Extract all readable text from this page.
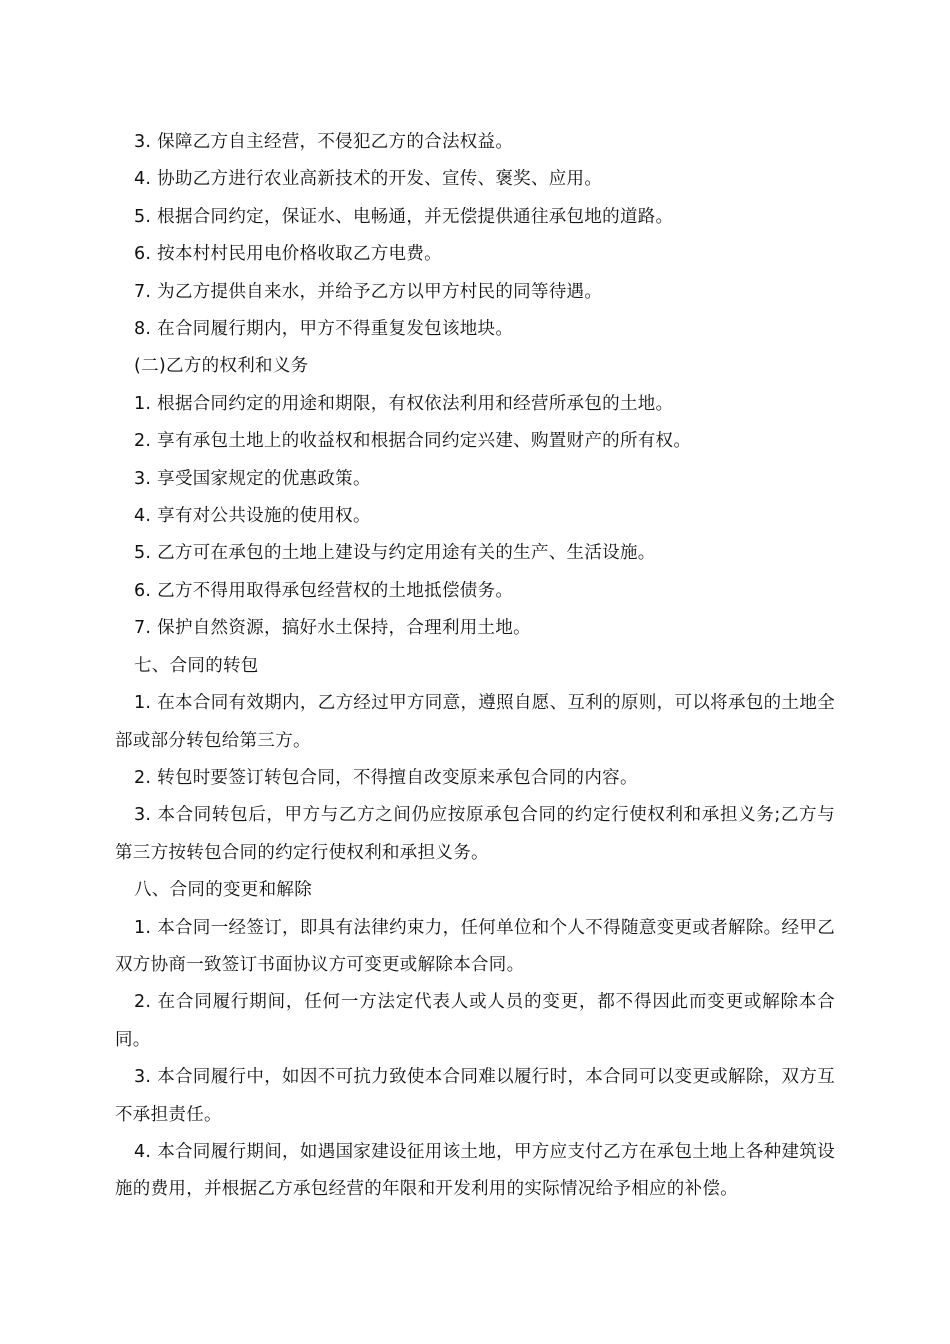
3. 保障乙方自主经营，不侵犯乙方的合法权益。

4. 协助乙方进行农业高新技术的开发、宣传、褒奖、应用。

5. 根据合同约定，保证水、电畅通，并无偿提供通往承包地的道路。

6. 按本村村民用电价格收取乙方电费。

7. 为乙方提供自来水，并给予乙方以甲方村民的同等待遇。

8. 在合同履行期内，甲方不得重复发包该地块。

(二)乙方的权利和义务

1. 根据合同约定的用途和期限，有权依法利用和经营所承包的土地。

2. 享有承包土地上的收益权和根据合同约定兴建、购置财产的所有权。

3. 享受国家规定的优惠政策。

4. 享有对公共设施的使用权。

5. 乙方可在承包的土地上建设与约定用途有关的生产、生活设施。

6. 乙方不得用取得承包经营权的土地抵偿债务。

7. 保护自然资源，搞好水土保持，合理利用土地。

七、合同的转包

1. 在本合同有效期内，乙方经过甲方同意，遵照自愿、互利的原则，可以将承包的土地全部或部分转包给第三方。

2. 转包时要签订转包合同，不得擅自改变原来承包合同的内容。

3. 本合同转包后，甲方与乙方之间仍应按原承包合同的约定行使权利和承担义务;乙方与第三方按转包合同的约定行使权利和承担义务。

八、合同的变更和解除

1. 本合同一经签订，即具有法律约束力，任何单位和个人不得随意变更或者解除。经甲乙双方协商一致签订书面协议方可变更或解除本合同。

2. 在合同履行期间，任何一方法定代表人或人员的变更，都不得因此而变更或解除本合同。

3. 本合同履行中，如因不可抗力致使本合同难以履行时，本合同可以变更或解除，双方互不承担责任。

4. 本合同履行期间，如遇国家建设征用该土地，甲方应支付乙方在承包土地上各种建筑设施的费用，并根据乙方承包经营的年限和开发利用的实际情况给予相应的补偿。
